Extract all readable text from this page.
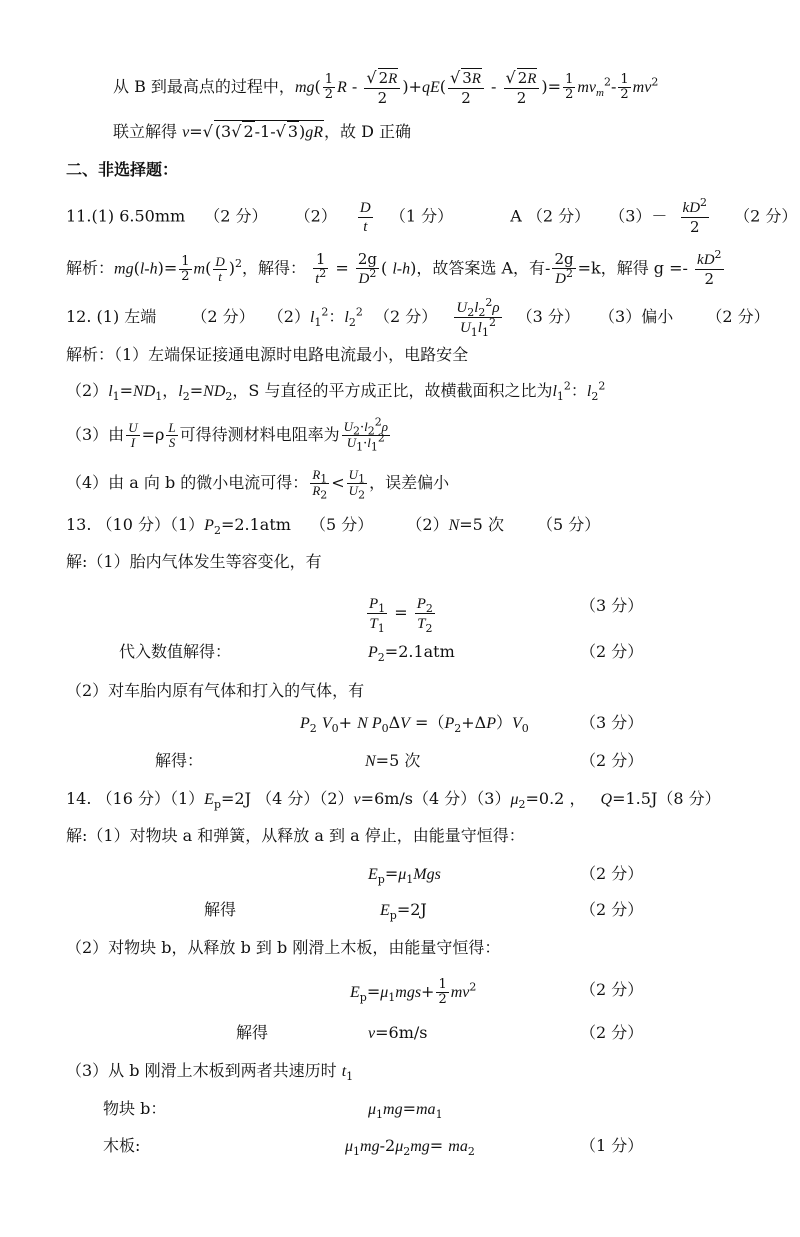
从 B 到最高点的过程中，$mg( \frac{1}{2}$ $R - \frac{√ 2R}{2} )+qE( \frac{√ 3R}{2} - \frac{√ 2R}{2}$ )= $\frac{1}{2} mv_m^2- \frac{1}{2} mv^2$
联立解得 v=√ (3√ 2-1-√ 3)gR，故 D 正确
二、非选择题：
11.(1) 6.50mm （2 分） $(2) \frac{D}{t} (1$ 分）	A （2 分） $(3)- \frac{kD^2}{2} (2$ 分）
解析：$mg(l-h)= \frac{1}{2} m( \frac{D}{t} )^2$，解得： $\frac{1}{t^2} = \frac{2g}{D^2}$ ( l-h)，故答案选 A，有- $\frac{2g}{D^2} =k$，解得 $g =- \frac{kD^2}{2}$
12. (1) 左端 （2 分） $(2)l_1^2$：$l_2^2$ （2 分） $\frac{U_2l_2^2\rho}{U_1l_1^2} (3$ 分） （3）偏小 （2 分）
解析：（1）左端保证接通电源时电路电流最小，电路安全
$(2)l_1=ND_1$，$l_2=ND_2$，S 与直径的平方成正比，故横截面积之比为$l_1^2$：$l_2^2$
（3）由 $\frac{U}{I} =\rho \frac{L}{S}$ 可得待测材料电阻率为 $\frac{U_2\cdot l_2^2\rho}{U_1\cdot l_1^2}$
（4）由 a 向 b 的微小电流可得： $\frac{R_1}{R_2} < \frac{U_1}{U_2}$ ，误差偏小
13. （10 分）$(1)P_2=2.1atm$ （5 分） （2）N=5 次 （5 分）
解:（1）胎内气体发生等容变化，有
$\frac{P_1}{T_1} = \frac{P_2}{T_2}$	（3 分）
代入数值解得：	$P_2=2.1atm$	（2 分）
（2）对车胎内原有气体和打入的气体，有
$P_2$ $V_0+ N$ $P_0\Delta V =(P_2+\Delta P)V_0$	（3 分）
解得：	N=5 次	（2 分）
14. （16 分）$(1)E_p=2J$ （4 分）（2）v=6m/s（4 分）$(3)\mu_2=0.2$ ， Q=1.5J（8 分）
解:（1）对物块 a 和弹簧，从释放 a 到 a 停止，由能量守恒得：
$E_p=\mu_1Mgs$	（2 分）
解得	$E_p=2J$	（2 分）
（2）对物块 b，从释放 b 到 b 刚滑上木板，由能量守恒得：
$E_p=\mu_1mgs+ \frac{1}{2} mv^2$	（2 分）
解得	v=6m/s	（2 分）
（3）从 b 刚滑上木板到两者共速历时 $t_1$
物块 b：	$\mu_1mg=ma_1$
木板:	$\mu_1mg-2\mu_2mg= ma_2$	（1 分）
